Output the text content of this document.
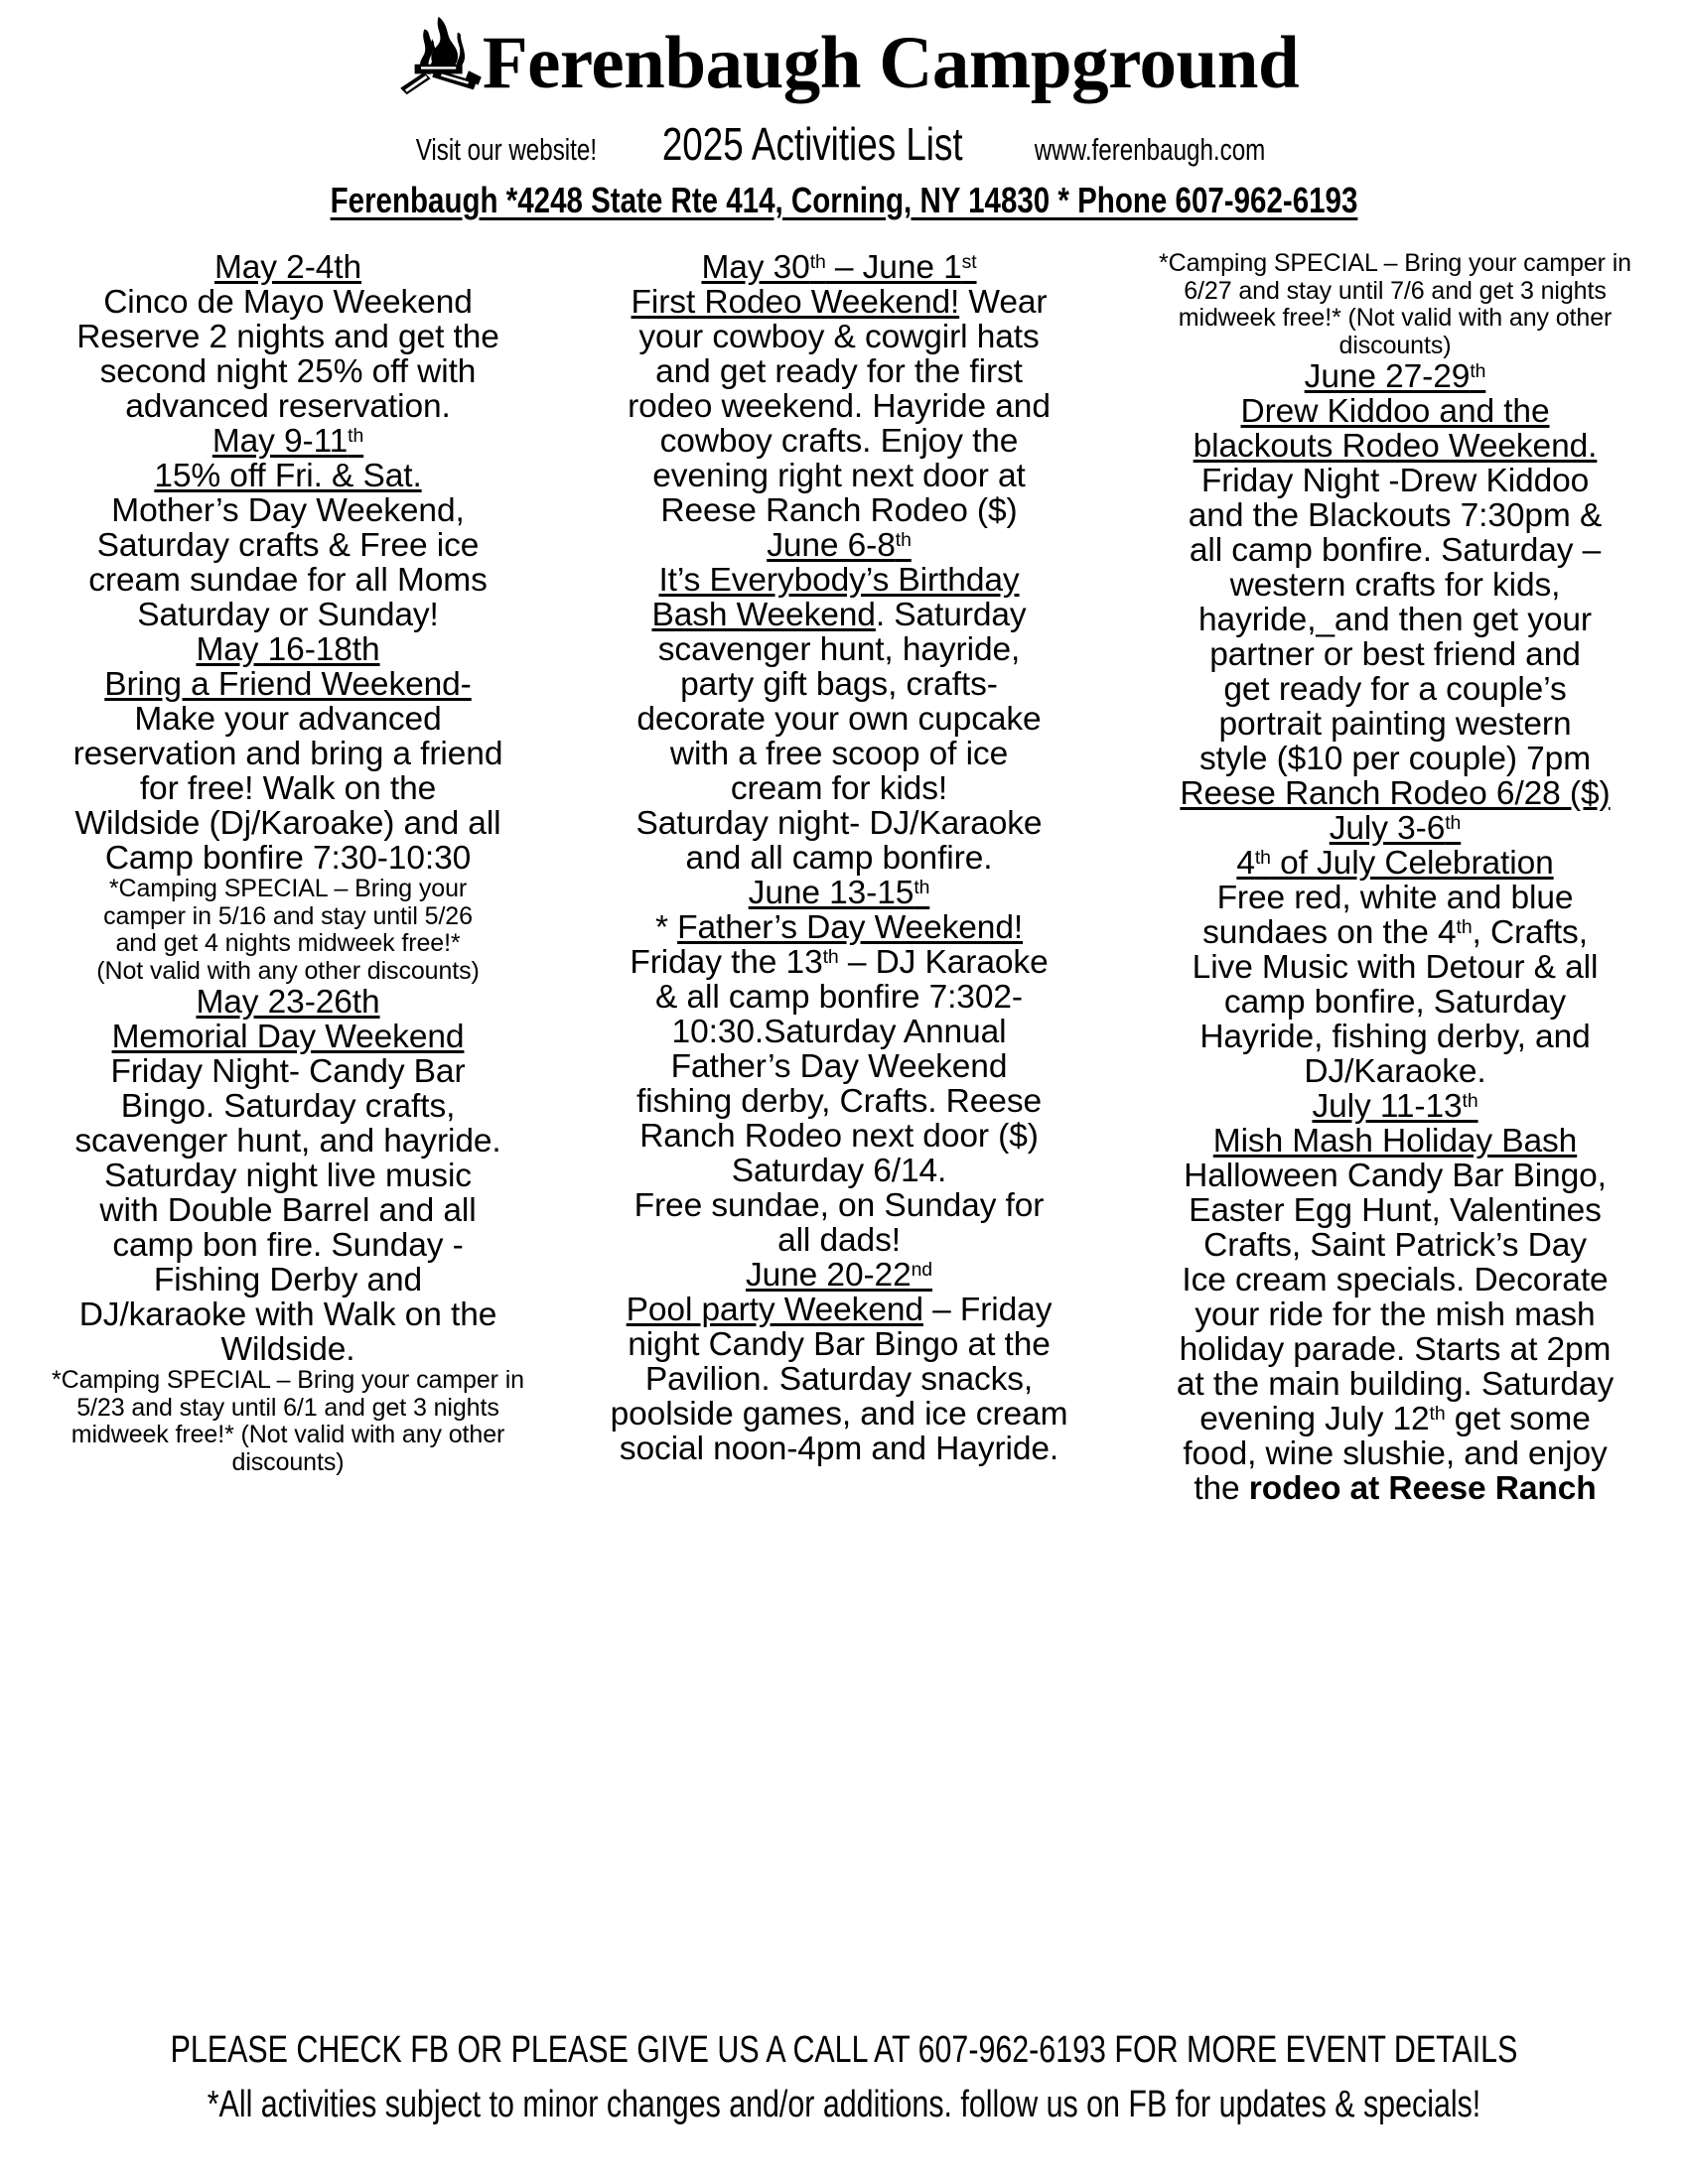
Ferenbaugh Campground
Visit our website! 2025 Activities List www.ferenbaugh.com
Ferenbaugh *4248 State Rte 414, Corning, NY 14830 * Phone 607-962-6193
May 2-4th
Cinco de Mayo Weekend
Reserve 2 nights and get the
second night 25% off with
advanced reservation.
May 9-11th
15% off Fri. & Sat.
Mother’s Day Weekend,
Saturday crafts & Free ice
cream sundae for all Moms
Saturday or Sunday!
May 16-18th
Bring a Friend Weekend-
Make your advanced
reservation and bring a friend
for free! Walk on the
Wildside (Dj/Karoake) and all
Camp bonfire 7:30-10:30
*Camping SPECIAL – Bring your
camper in 5/16 and stay until 5/26
and get 4 nights midweek free!*
(Not valid with any other discounts)
May 23-26th
Memorial Day Weekend
Friday Night- Candy Bar
Bingo. Saturday crafts,
scavenger hunt, and hayride.
Saturday night live music
with Double Barrel and all
camp bon fire. Sunday -
Fishing Derby and
DJ/karaoke with Walk on the
Wildside.
*Camping SPECIAL – Bring your camper in
5/23 and stay until 6/1 and get 3 nights
midweek free!* (Not valid with any other
discounts)
May 30th – June 1st
First Rodeo Weekend! Wear
your cowboy & cowgirl hats
and get ready for the first
rodeo weekend. Hayride and
cowboy crafts. Enjoy the
evening right next door at
Reese Ranch Rodeo ($)
June 6-8th
It’s Everybody’s Birthday
Bash Weekend. Saturday
scavenger hunt, hayride,
party gift bags, crafts-
decorate your own cupcake
with a free scoop of ice
cream for kids!
Saturday night- DJ/Karaoke
and all camp bonfire.
June 13-15th
* Father’s Day Weekend!
Friday the 13th – DJ Karaoke
& all camp bonfire 7:302-
10:30.Saturday Annual
Father’s Day Weekend
fishing derby, Crafts. Reese
Ranch Rodeo next door ($)
Saturday 6/14.
Free sundae, on Sunday for
all dads!
June 20-22nd
Pool party Weekend – Friday
night Candy Bar Bingo at the
Pavilion. Saturday snacks,
poolside games, and ice cream
social noon-4pm and Hayride.
*Camping SPECIAL – Bring your camper in
6/27 and stay until 7/6 and get 3 nights
midweek free!* (Not valid with any other
discounts)
June 27-29th
Drew Kiddoo and the
blackouts Rodeo Weekend.
Friday Night -Drew Kiddoo
and the Blackouts 7:30pm &
all camp bonfire. Saturday –
western crafts for kids,
hayride,_and then get your
partner or best friend and
get ready for a couple’s
portrait painting western
style ($10 per couple) 7pm
Reese Ranch Rodeo 6/28 ($)
July 3-6th
4th of July Celebration
Free red, white and blue
sundaes on the 4th, Crafts,
Live Music with Detour & all
camp bonfire, Saturday
Hayride, fishing derby, and
DJ/Karaoke.
July 11-13th
Mish Mash Holiday Bash
Halloween Candy Bar Bingo,
Easter Egg Hunt, Valentines
Crafts, Saint Patrick’s Day
Ice cream specials. Decorate
your ride for the mish mash
holiday parade. Starts at 2pm
at the main building. Saturday
evening July 12th get some
food, wine slushie, and enjoy
the rodeo at Reese Ranch
PLEASE CHECK FB OR PLEASE GIVE US A CALL AT 607-962-6193 FOR MORE EVENT DETAILS
*All activities subject to minor changes and/or additions. follow us on FB for updates & specials!
